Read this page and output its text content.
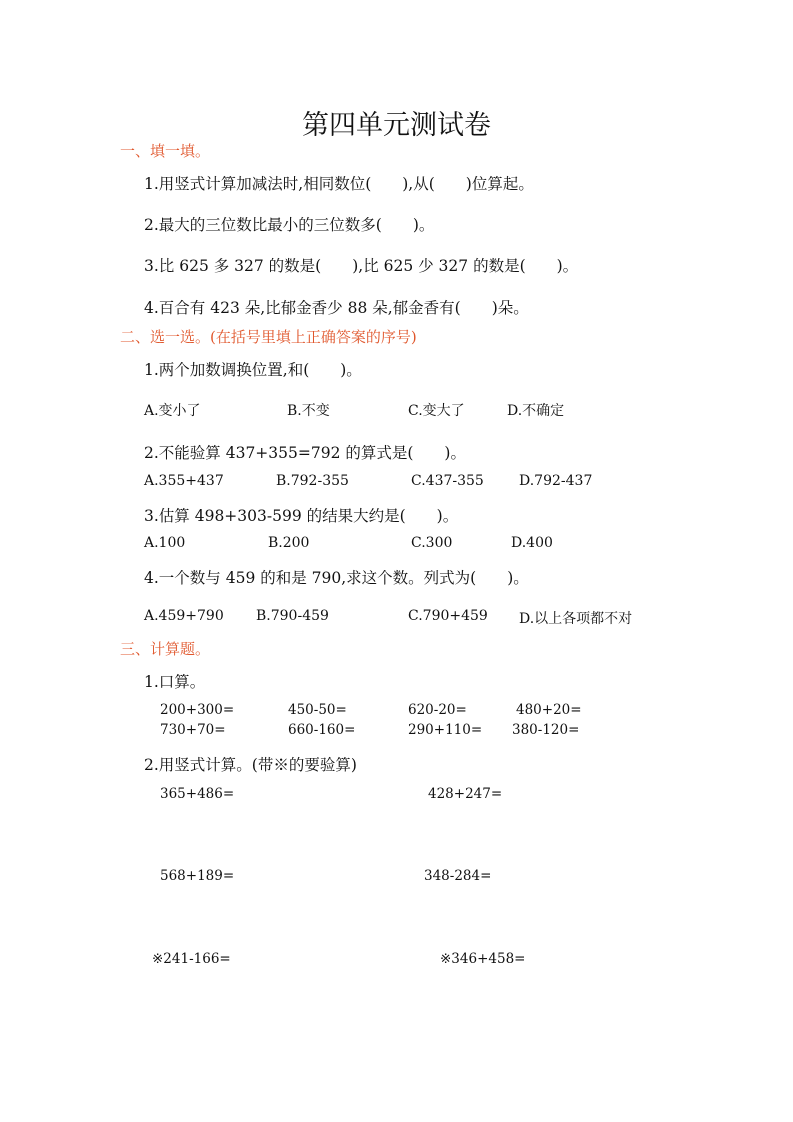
第四单元测试卷
一、填一填。
1.用竖式计算加减法时,相同数位(　　),从(　　)位算起。
2.最大的三位数比最小的三位数多(　　)。
3.比 625 多 327 的数是(　　),比 625 少 327 的数是(　　)。
4.百合有 423 朵,比郁金香少 88 朵,郁金香有(　　)朵。
二、选一选。(在括号里填上正确答案的序号)
1.两个加数调换位置,和(　　)。
A.变小了	B.不变	C.变大了	D.不确定
2.不能验算 437+355=792 的算式是(　　)。
A.355+437	B.792-355	C.437-355	D.792-437
3.估算 498+303-599 的结果大约是(　　)。
A.100	B.200	C.300	D.400
4.一个数与 459 的和是 790,求这个数。列式为(　　)。
A.459+790 B.790-459	C.790+459 D.以上各项都不对
三、计算题。
1.口算。
200+300=	450-50=	620-20=	480+20=
730+70=	660-160=	290+110= 380-120=
2.用竖式计算。(带※的要验算)
365+486=	428+247=
568+189=	348-284=
※241-166=	※346+458=
